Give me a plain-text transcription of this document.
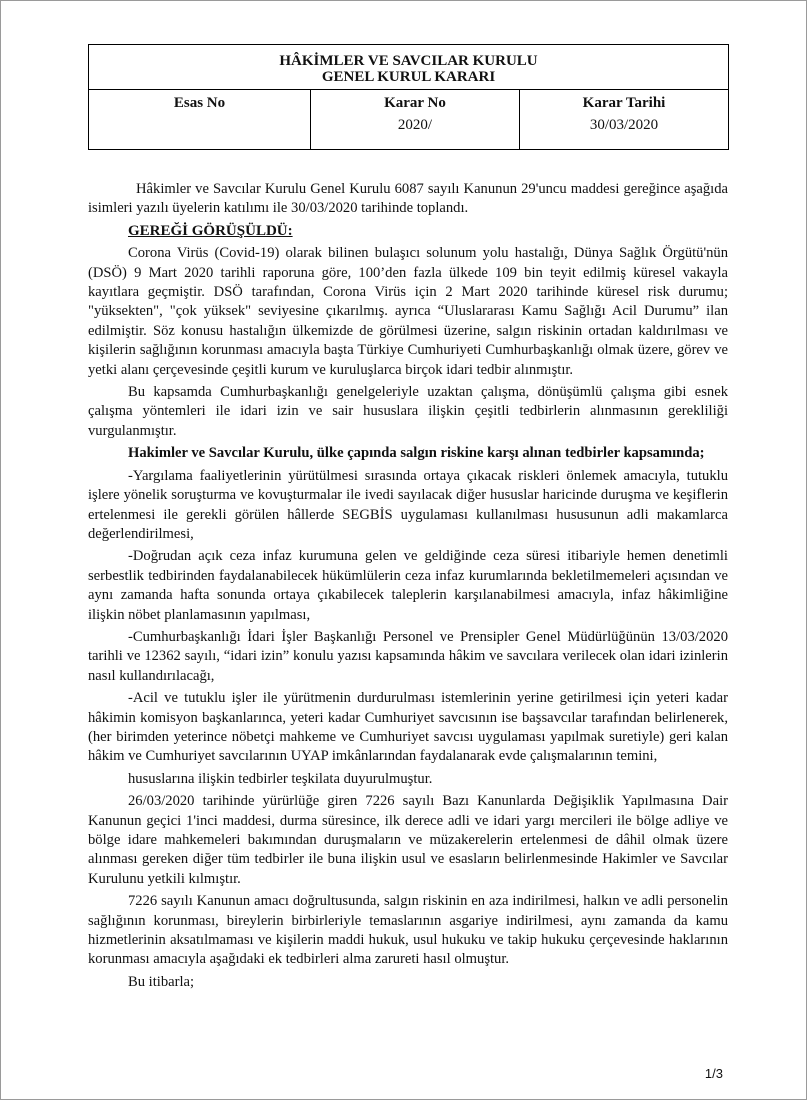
HÂKİMLER VE SAVCILAR KURULU
GENEL KURUL KARARI
Esas No	Karar No
2020/
Karar Tarihi
30/03/2020

Hâkimler ve Savcılar Kurulu Genel Kurulu 6087 sayılı Kanunun 29'uncu maddesi gereğince aşağıda isimleri yazılı üyelerin katılımı ile 30/03/2020 tarihinde toplandı.

GEREĞİ GÖRÜŞÜLDÜ:

Corona Virüs (Covid-19) olarak bilinen bulaşıcı solunum yolu hastalığı, Dünya Sağlık Örgütü'nün (DSÖ) 9 Mart 2020 tarihli raporuna göre, 100’den fazla ülkede 109 bin teyit edilmiş küresel vakayla kayıtlara geçmiştir. DSÖ tarafından, Corona Virüs için 2 Mart 2020 tarihinde küresel risk durumu; "yüksekten", "çok yüksek" seviyesine çıkarılmış. ayrıca “Uluslararası Kamu Sağlığı Acil Durumu” ilan edilmiştir. Söz konusu hastalığın ülkemizde de görülmesi üzerine, salgın riskinin ortadan kaldırılması ve kişilerin sağlığının korunması amacıyla başta Türkiye Cumhuriyeti Cumhurbaşkanlığı olmak üzere, görev ve yetki alanı çerçevesinde çeşitli kurum ve kuruluşlarca birçok idari tedbir alınmıştır.

Bu kapsamda Cumhurbaşkanlığı genelgeleriyle uzaktan çalışma, dönüşümlü çalışma gibi esnek çalışma yöntemleri ile idari izin ve sair hususlara ilişkin çeşitli tedbirlerin alınmasının gerekliliği vurgulanmıştır.

Hakimler ve Savcılar Kurulu, ülke çapında salgın riskine karşı alınan tedbirler kapsamında;

-Yargılama faaliyetlerinin yürütülmesi sırasında ortaya çıkacak riskleri önlemek amacıyla, tutuklu işlere yönelik soruşturma ve kovuşturmalar ile ivedi sayılacak diğer hususlar haricinde duruşma ve keşiflerin ertelenmesi ile gerekli görülen hâllerde SEGBİS uygulaması kullanılması hususunun adli makamlarca değerlendirilmesi,

-Doğrudan açık ceza infaz kurumuna gelen ve geldiğinde ceza süresi itibariyle hemen denetimli serbestlik tedbirinden faydalanabilecek hükümlülerin ceza infaz kurumlarında bekletilmemeleri açısından ve aynı zamanda hafta sonunda ortaya çıkabilecek taleplerin karşılanabilmesi amacıyla, infaz hâkimliğine ilişkin nöbet planlamasının yapılması,

-Cumhurbaşkanlığı İdari İşler Başkanlığı Personel ve Prensipler Genel Müdürlüğünün 13/03/2020 tarihli ve 12362 sayılı, “idari izin” konulu yazısı kapsamında hâkim ve savcılara verilecek olan idari izinlerin nasıl kullandırılacağı,

-Acil ve tutuklu işler ile yürütmenin durdurulması istemlerinin yerine getirilmesi için yeteri kadar hâkimin komisyon başkanlarınca, yeteri kadar Cumhuriyet savcısının ise başsavcılar tarafından belirlenerek, (her birimden yeterince nöbetçi mahkeme ve Cumhuriyet savcısı uygulaması yapılmak suretiyle) geri kalan hâkim ve Cumhuriyet savcılarının UYAP imkânlarından faydalanarak evde çalışmalarının temini,

hususlarına ilişkin tedbirler teşkilata duyurulmuştur.

26/03/2020 tarihinde yürürlüğe giren 7226 sayılı Bazı Kanunlarda Değişiklik Yapılmasına Dair Kanunun geçici 1'inci maddesi, durma süresince, ilk derece adli ve idari yargı mercileri ile bölge adliye ve bölge idare mahkemeleri bakımından duruşmaların ve müzakerelerin ertelenmesi de dâhil olmak üzere alınması gereken diğer tüm tedbirler ile buna ilişkin usul ve esasların belirlenmesinde Hakimler ve Savcılar Kurulunu yetkili kılmıştır.

7226 sayılı Kanunun amacı doğrultusunda, salgın riskinin en aza indirilmesi, halkın ve adli personelin sağlığının korunması, bireylerin birbirleriyle temaslarının asgariye indirilmesi, aynı zamanda da kamu hizmetlerinin aksatılmaması ve kişilerin maddi hukuk, usul hukuku ve takip hukuku çerçevesinde haklarının korunması amacıyla aşağıdaki ek tedbirleri alma zarureti hasıl olmuştur.

Bu itibarla;

1/3
